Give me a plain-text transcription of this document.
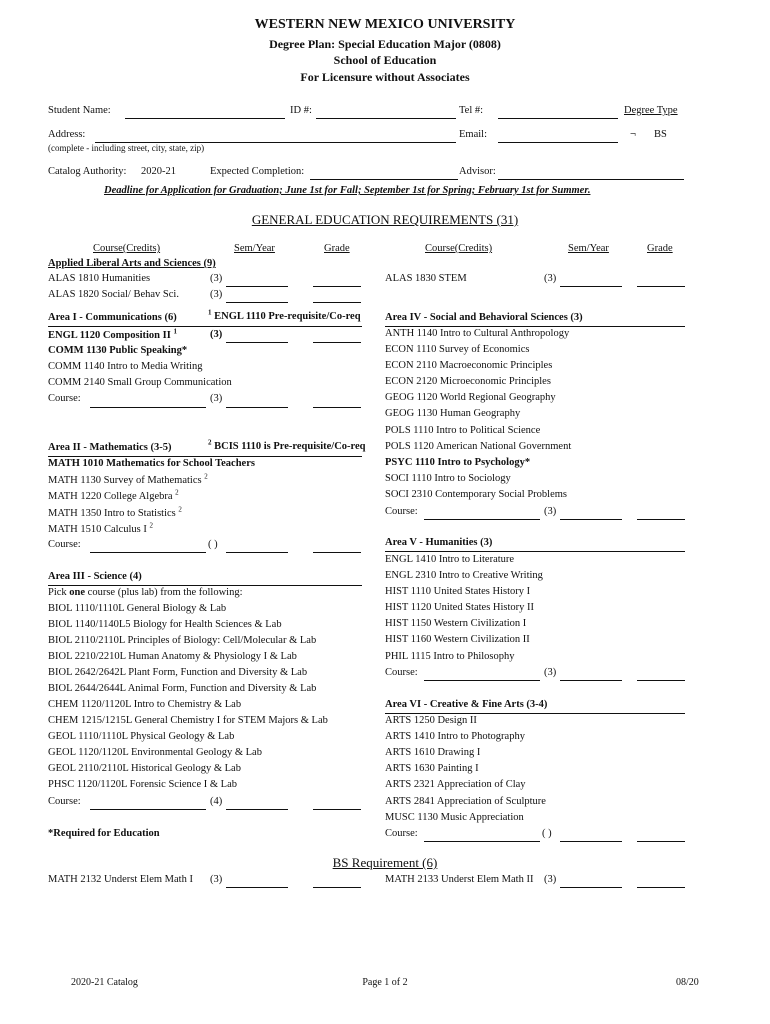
WESTERN NEW MEXICO UNIVERSITY
Degree Plan: Special Education Major (0808)
School of Education
For Licensure without Associates
Student Name:	ID #:	Tel #:	Degree Type
Address:
(complete - including street, city, state, zip)
Email:	¬ BS
Catalog Authority: 2020-21	Expected Completion:	Advisor:
Deadline for Application for Graduation; June 1st for Fall; September 1st for Spring; February 1st for Summer.
GENERAL EDUCATION REQUIREMENTS (31)
Course(Credits)	Sem/Year	Grade	Course(Credits)	Sem/Year	Grade
Applied Liberal Arts and Sciences (9)
ALAS 1810 Humanities	(3)
ALAS 1820 Social/ Behav Sci.	(3)
ALAS 1830 STEM	(3)
Area I - Communications (6)	$^1$ ENGL 1110 Pre-requisite/Co-req
ENGL 1120 Composition II $^1$	(3)
COMM 1130 Public Speaking*
COMM 1140 Intro to Media Writing
COMM 2140 Small Group Communication
Course:	(3)
Area II - Mathematics (3-5)	$^2$ BCIS 1110 is Pre-requisite/Co-req
MATH 1010 Mathematics for School Teachers
MATH 1130 Survey of Mathematics $^2$
MATH 1220 College Algebra $^2$
MATH 1350 Intro to Statistics $^2$
MATH 1510 Calculus I $^2$
Course:	( )
Area III - Science (4)
Pick one course (plus lab) from the following:
BIOL 1110/1110L General Biology & Lab
BIOL 1140/1140L5 Biology for Health Sciences & Lab
BIOL 2110/2110L Principles of Biology: Cell/Molecular & Lab
BIOL 2210/2210L Human Anatomy & Physiology I & Lab
BIOL 2642/2642L Plant Form, Function and Diversity & Lab
BIOL 2644/2644L Animal Form, Function and Diversity & Lab
CHEM 1120/1120L Intro to Chemistry & Lab
CHEM 1215/1215L General Chemistry I for STEM Majors & Lab
GEOL 1110/1110L Physical Geology & Lab
GEOL 1120/1120L Environmental Geology & Lab
GEOL 2110/2110L Historical Geology & Lab
PHSC 1120/1120L Forensic Science I & Lab
Course:	(4)
*Required for Education
Area IV - Social and Behavioral Sciences (3)
ANTH 1140 Intro to Cultural Anthropology
ECON 1110 Survey of Economics
ECON 2110 Macroeconomic Principles
ECON 2120 Microeconomic Principles
GEOG 1120 World Regional Geography
GEOG 1130 Human Geography
POLS 1110 Intro to Political Science
POLS 1120 American National Government
PSYC 1110 Intro to Psychology*
SOCI 1110 Intro to Sociology
SOCI 2310 Contemporary Social Problems
Course:	(3)
Area V - Humanities (3)
ENGL 1410 Intro to Literature
ENGL 2310 Intro to Creative Writing
HIST 1110 United States History I
HIST 1120 United States History II
HIST 1150 Western Civilization I
HIST 1160 Western Civilization II
PHIL 1115 Intro to Philosophy
Course:	(3)
Area VI - Creative & Fine Arts (3-4)
ARTS 1250 Design II
ARTS 1410 Intro to Photography
ARTS 1610 Drawing I
ARTS 1630 Painting I
ARTS 2321 Appreciation of Clay
ARTS 2841 Appreciation of Sculpture
MUSC 1130 Music Appreciation
Course:	( )
BS Requirement (6)
MATH 2132 Underst Elem Math I (3)	MATH 2133 Underst Elem Math II (3)
2020-21 Catalog	Page 1 of 2	08/20
